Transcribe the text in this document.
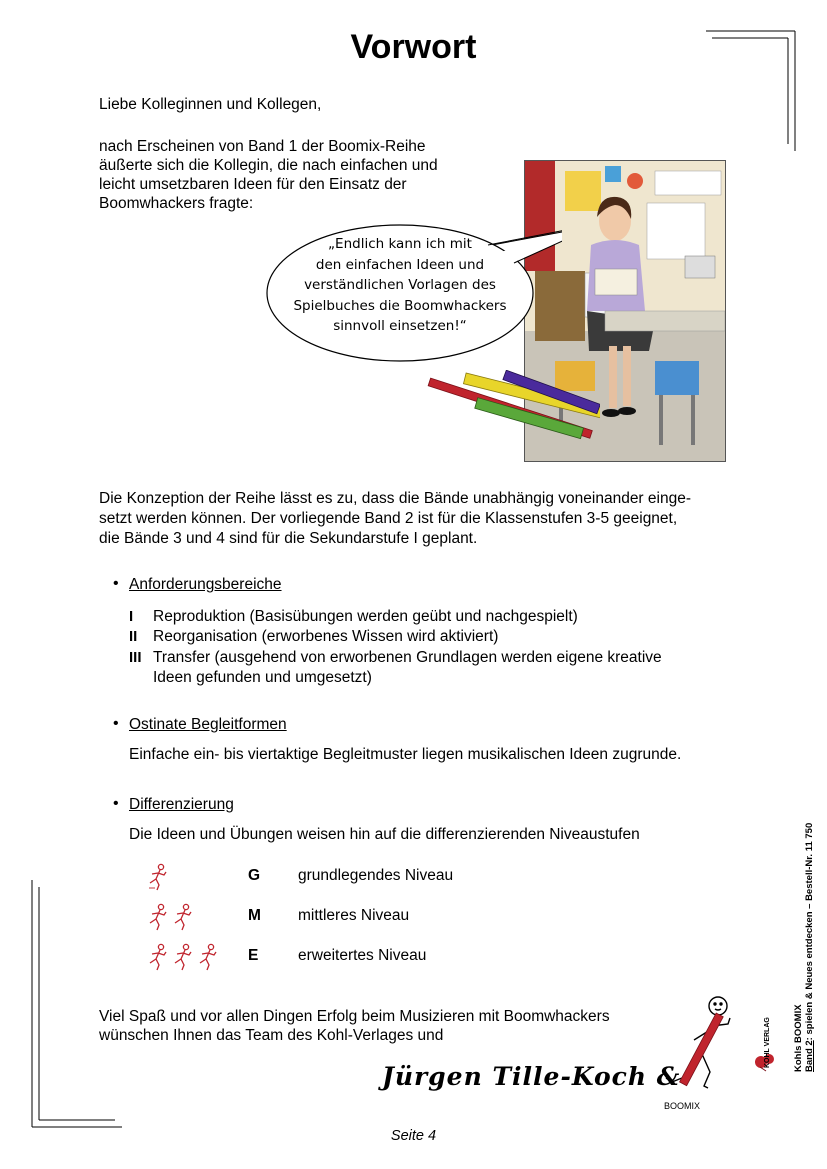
Vorwort

Liebe Kolleginnen und Kollegen,

nach Erscheinen von Band 1 der Boomix-Reihe

äußerte sich die Kollegin, die nach einfachen und

leicht umsetzbaren Ideen für den Einsatz der

Boomwhackers fragte:

„Endlich kann ich mit
den einfachen Ideen und
verständlichen Vorlagen des
Spielbuches die Boomwhackers
sinnvoll einsetzen!“

Die Konzeption der Reihe lässt es zu, dass die Bände unabhängig voneinander einge-

setzt werden können. Der vorliegende Band 2 ist für die Klassenstufen 3-5 geeignet,

die Bände 3 und 4 sind für die Sekundarstufe I geplant.

• Anforderungsbereiche
I Reproduktion (Basisübungen werden geübt und nachgespielt)
II Reorganisation (erworbenes Wissen wird aktiviert)
III Transfer (ausgehend von erworbenen Grundlagen werden eigene kreative
Ideen gefunden und umgesetzt)
• Ostinate Begleitformen
Einfache ein- bis viertaktige Begleitmuster liegen musikalischen Ideen zugrunde.
• Differenzierung
Die Ideen und Übungen weisen hin auf die differenzierenden Niveaustufen
G grundlegendes Niveau
M mittleres Niveau
E	erweitertes Niveau

Viel Spaß und vor allen Dingen Erfolg beim Musizieren mit Boomwhackers

wünschen Ihnen das Team des Kohl-Verlages und

Jürgen Tille-Koch &
BOOMIX
Seite 4
Kohls BOOMIX Band 2: spielen & Neues entdecken – Bestell-Nr. 11 750
KOHL VERLAG
